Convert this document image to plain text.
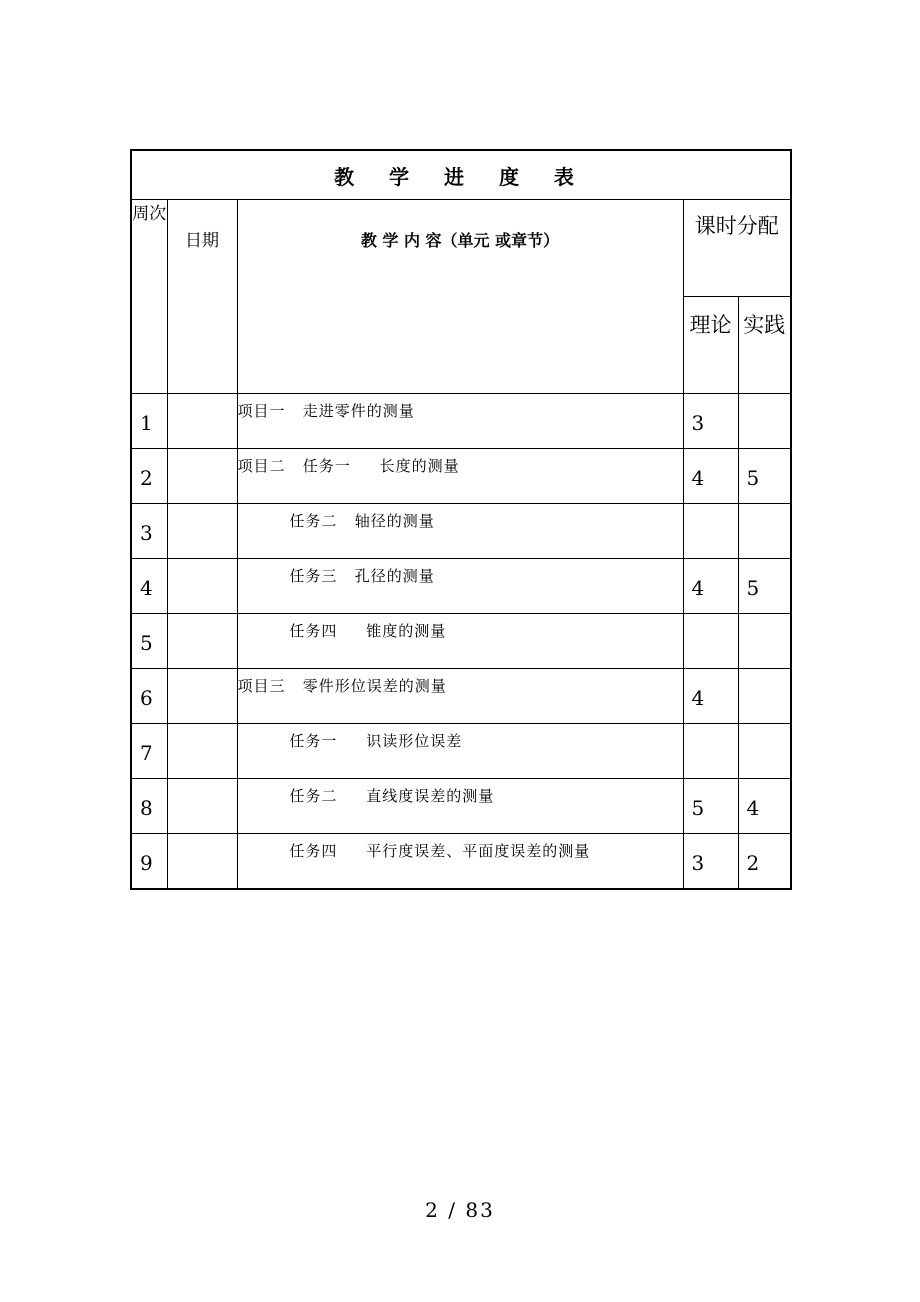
教 学 进 度 表				
周次	日期	教 学 内 容（单元 或章节）	课时分配	
			理论	实践
1		项目一   走进零件的测量	3	
2		项目二   任务一     长度的测量	4	5
3		任务二   轴径的测量		
4		任务三   孔径的测量	4	5
5		任务四     锥度的测量		
6		项目三   零件形位误差的测量	4	
7		任务一     识读形位误差		
8		任务二     直线度误差的测量	5	4
9		任务四     平行度误差、平面度误差的测量	3	2
2 / 83
